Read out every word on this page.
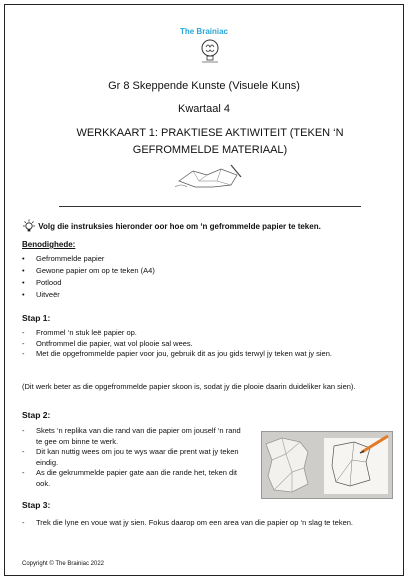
The Brainiac
Gr 8 Skeppende Kunste (Visuele Kuns)
Kwartaal 4
WERKKAART 1: PRAKTIESE AKTIWITEIT (TEKEN ‘N GEFROMMELDE MATERIAAL)
Volg die instruksies hieronder oor hoe om ‘n gefrommelde papier te teken.
Benodighede:
• Gefrommelde papier
• Gewone papier om op te teken (A4)
• Potlood
• Uitveër
Stap 1:
- Frommel ‘n stuk leë papier op.
- Ontfrommel die papier, wat vol plooie sal wees.
- Met die opgefrommelde papier voor jou, gebruik dit as jou gids terwyl jy teken wat jy sien.
(Dit werk beter as die opgefrommelde papier skoon is, sodat jy die plooie daarin duideliker kan sien).
Stap 2:
- Skets ‘n replika van die rand van die papier om jouself ‘n rand te gee om binne te werk.
- Dit kan nuttig wees om jou te wys waar die prent wat jy teken eindig.
- As die gekrummelde papier gate aan die rande het, teken dit ook.
Stap 3:
- Trek die lyne en voue wat jy sien. Fokus daarop om een area van die papier op ‘n slag te teken.
Copyright © The Brainiac 2022
